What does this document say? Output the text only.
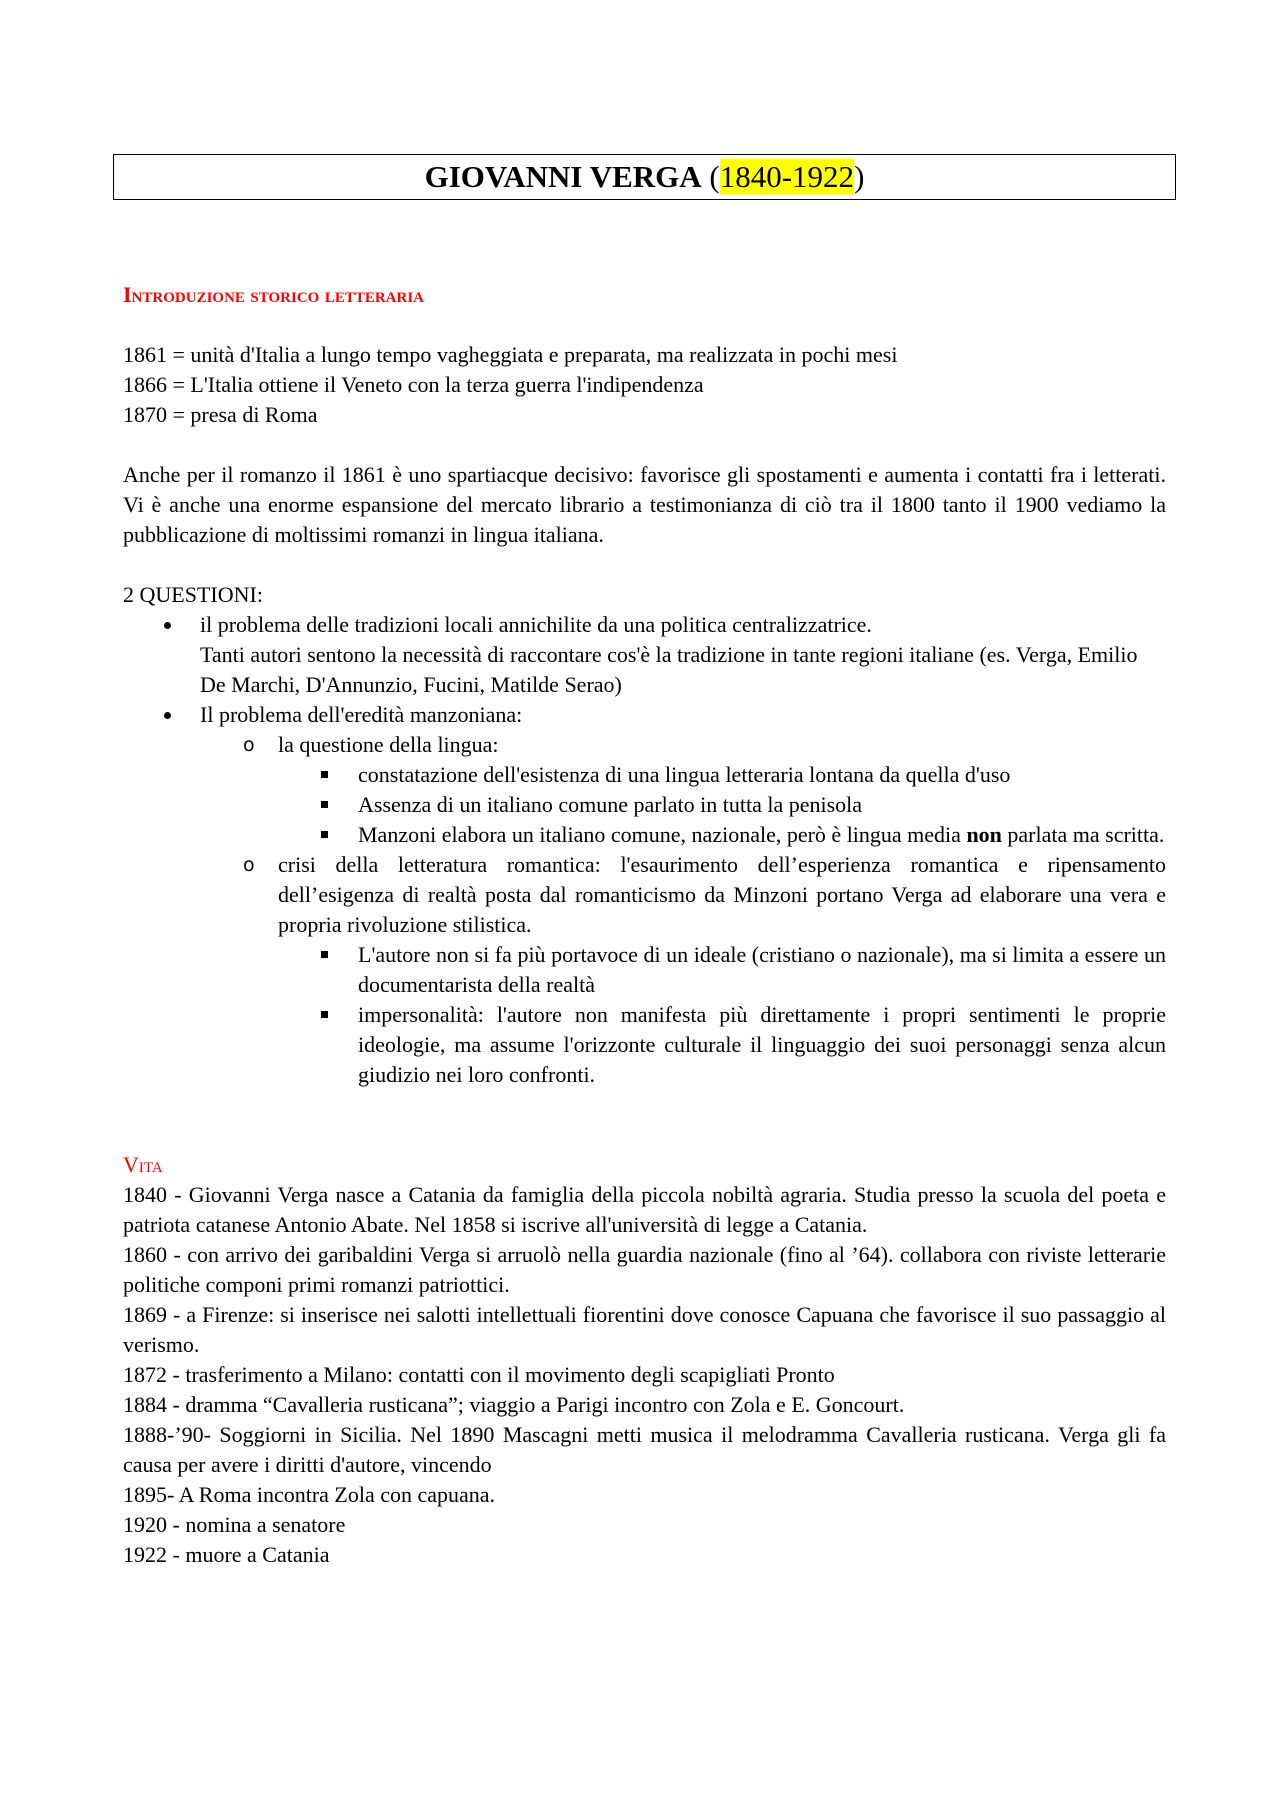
GIOVANNI VERGA
( 1840-1922 )
Introduzione storico letteraria

1861 = unità d'Italia a lungo tempo vagheggiata e preparata, ma realizzata in pochi mesi

1866 = L'Italia ottiene il Veneto con la terza guerra l'indipendenza

1870 = presa di Roma

Anche per il romanzo il 1861 è uno spartiacque decisivo: favorisce gli spostamenti e aumenta i contatti fra i letterati. Vi è anche una enorme espansione del mercato librario a testimonianza di ciò tra il 1800 tanto il 1900 vediamo la pubblicazione di moltissimi romanzi in lingua italiana.

2 QUESTIONI:

il problema delle tradizioni locali annichilite da una politica centralizzatrice.

Tanti autori sentono la necessità di raccontare cos'è la tradizione in tante regioni italiane (es. Verga, Emilio De Marchi, D'Annunzio, Fucini, Matilde Serao)

Il problema dell'eredità manzoniana:

o la questione della lingua:

constatazione dell'esistenza di una lingua letteraria lontana da quella d'uso

Assenza di un italiano comune parlato in tutta la penisola

Manzoni elabora un italiano comune, nazionale, però è lingua media non parlata ma scritta.

o crisi della letteratura romantica: l'esaurimento dell’esperienza romantica e ripensamento dell’esigenza di realtà posta dal romanticismo da Minzoni portano Verga ad elaborare una vera e propria rivoluzione stilistica.

L'autore non si fa più portavoce di un ideale (cristiano o nazionale), ma si limita a essere un documentarista della realtà

impersonalità: l'autore non manifesta più direttamente i propri sentimenti le proprie ideologie, ma assume l'orizzonte culturale il linguaggio dei suoi personaggi senza alcun giudizio nei loro confronti.

Vita

1840 - Giovanni Verga nasce a Catania da famiglia della piccola nobiltà agraria. Studia presso la scuola del poeta e patriota catanese Antonio Abate. Nel 1858 si iscrive all'università di legge a Catania.

1860 - con arrivo dei garibaldini Verga si arruolò nella guardia nazionale (fino al ’64). collabora con riviste letterarie politiche componi primi romanzi patriottici.

1869 - a Firenze: si inserisce nei salotti intellettuali fiorentini dove conosce Capuana che favorisce il suo passaggio al verismo.

1872 - trasferimento a Milano: contatti con il movimento degli scapigliati Pronto

1884 - dramma “Cavalleria rusticana”; viaggio a Parigi incontro con Zola e E. Goncourt.

1888-’90- Soggiorni in Sicilia. Nel 1890 Mascagni metti musica il melodramma Cavalleria rusticana. Verga gli fa causa per avere i diritti d'autore, vincendo

1895- A Roma incontra Zola con capuana.

1920 - nomina a senatore

1922 - muore a Catania
